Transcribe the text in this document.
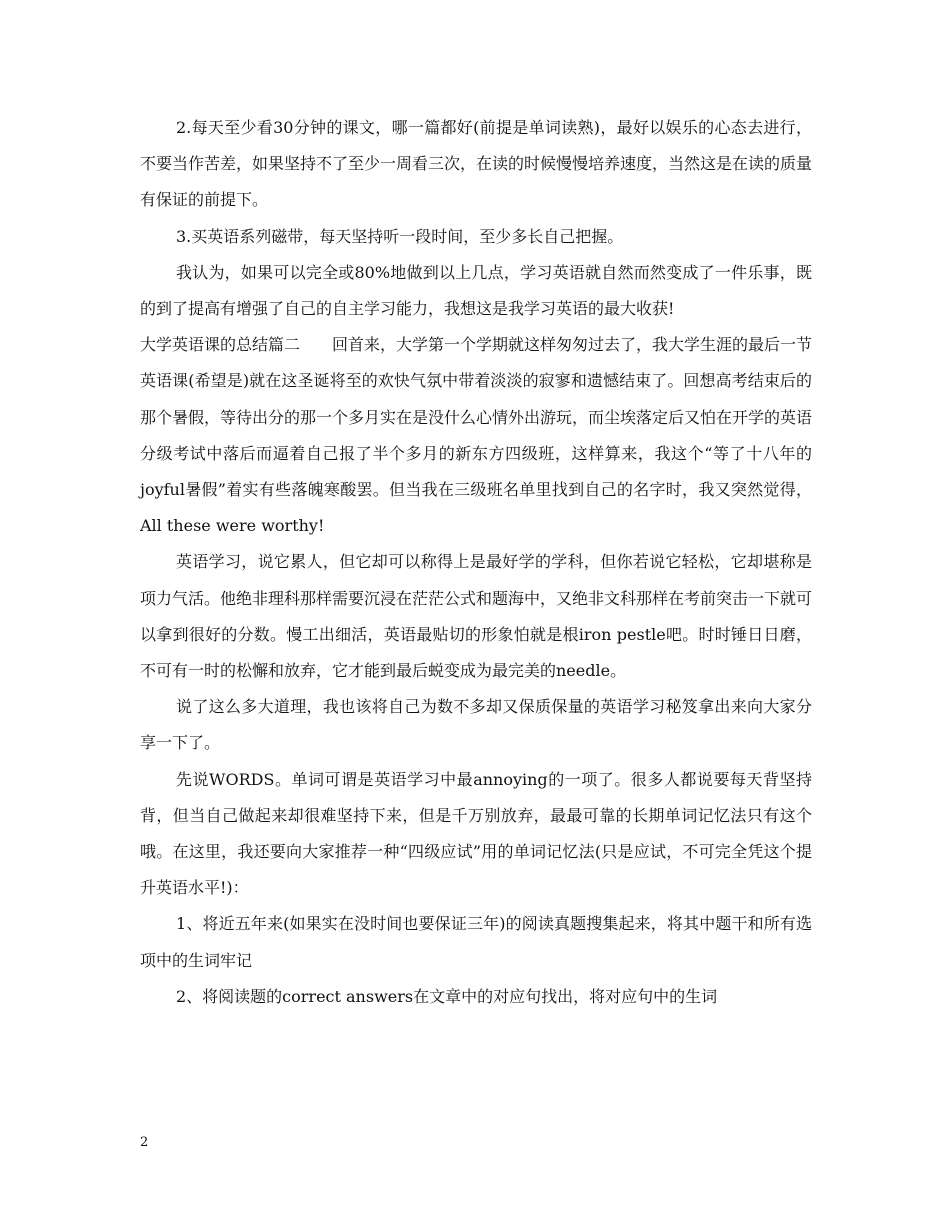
2.每天至少看30分钟的课文，哪一篇都好(前提是单词读熟)，最好以娱乐的心态去进行，不要当作苦差，如果坚持不了至少一周看三次，在读的时候慢慢培养速度，当然这是在读的质量有保证的前提下。

3.买英语系列磁带，每天坚持听一段时间，至少多长自己把握。

我认为，如果可以完全或80%地做到以上几点，学习英语就自然而然变成了一件乐事，既的到了提高有增强了自己的自主学习能力，我想这是我学习英语的最大收获!

大学英语课的总结篇二　　回首来，大学第一个学期就这样匆匆过去了，我大学生涯的最后一节英语课(希望是)就在这圣诞将至的欢快气氛中带着淡淡的寂寥和遗憾结束了。回想高考结束后的那个暑假，等待出分的那一个多月实在是没什么心情外出游玩，而尘埃落定后又怕在开学的英语分级考试中落后而逼着自己报了半个多月的新东方四级班，这样算来，我这个“等了十八年的joyful暑假”着实有些落魄寒酸罢。但当我在三级班名单里找到自己的名字时，我又突然觉得，All these were worthy!

英语学习，说它累人，但它却可以称得上是最好学的学科，但你若说它轻松，它却堪称是项力气活。他绝非理科那样需要沉浸在茫茫公式和题海中，又绝非文科那样在考前突击一下就可以拿到很好的分数。慢工出细活，英语最贴切的形象怕就是根iron pestle吧。时时锤日日磨，不可有一时的松懈和放弃，它才能到最后蜕变成为最完美的needle。

说了这么多大道理，我也该将自己为数不多却又保质保量的英语学习秘笈拿出来向大家分享一下了。

先说WORDS。单词可谓是英语学习中最annoying的一项了。很多人都说要每天背坚持背，但当自己做起来却很难坚持下来，但是千万别放弃，最最可靠的长期单词记忆法只有这个哦。在这里，我还要向大家推荐一种“四级应试”用的单词记忆法(只是应试，不可完全凭这个提升英语水平!)：

1、将近五年来(如果实在没时间也要保证三年)的阅读真题搜集起来，将其中题干和所有选项中的生词牢记

2、将阅读题的correct answers在文章中的对应句找出，将对应句中的生词

2
